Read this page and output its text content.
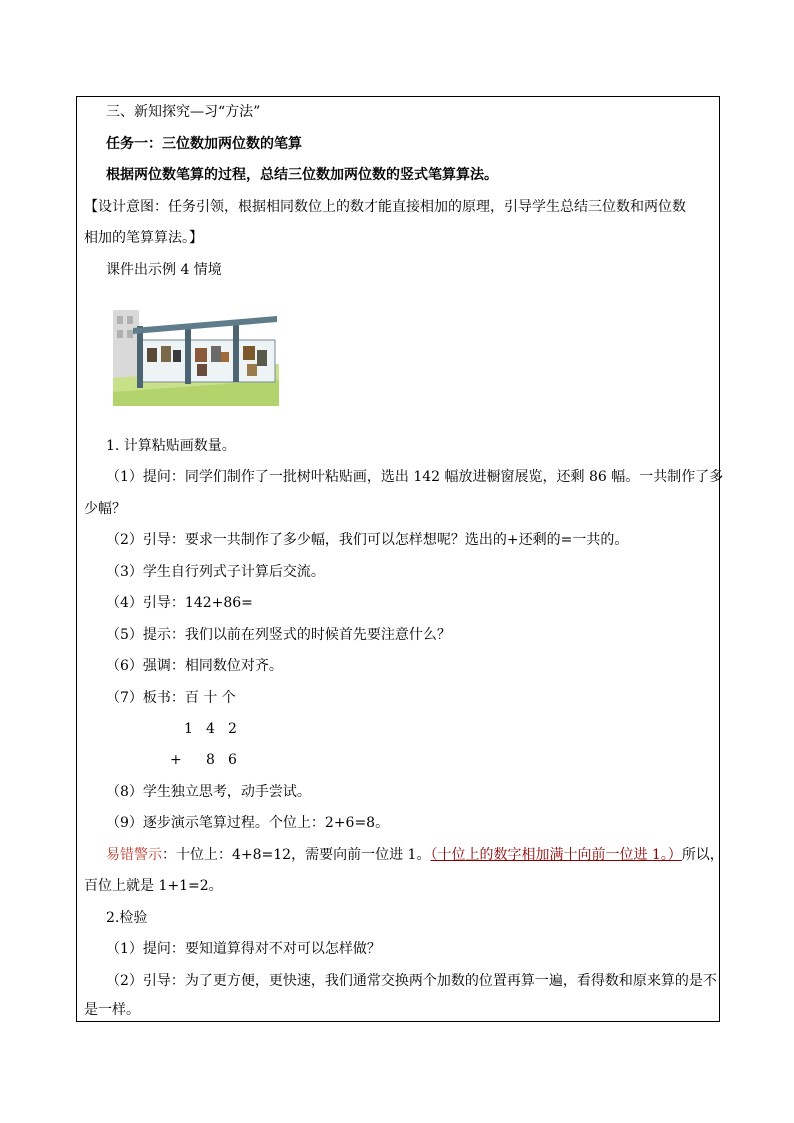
三、新知探究—习“方法”
任务一：三位数加两位数的笔算
根据两位数笔算的过程，总结三位数加两位数的竖式笔算算法。
【设计意图：任务引领，根据相同数位上的数才能直接相加的原理，引导学生总结三位数和两位数
相加的笔算算法。】
课件出示例 4 情境
1. 计算粘贴画数量。
（1）提问：同学们制作了一批树叶粘贴画，选出 142 幅放进橱窗展览，还剩 86 幅。一共制作了多
少幅？
（2）引导：要求一共制作了多少幅，我们可以怎样想呢？选出的+还剩的=一共的。
（3）学生自行列式子计算后交流。
（4）引导：142+86=
（5）提示：我们以前在列竖式的时候首先要注意什么？
（6）强调：相同数位对齐。
（7）板书：百 十 个
1 4 2
+ 8 6
（8）学生独立思考，动手尝试。
（9）逐步演示笔算过程。个位上：2+6=8。
易错警示：十位上：4+8=12，需要向前一位进 1。（十位上的数字相加满十向前一位进 1。）所以，
百位上就是 1+1=2。
2.检验
（1）提问：要知道算得对不对可以怎样做？
（2）引导：为了更方便，更快速，我们通常交换两个加数的位置再算一遍，看得数和原来算的是不
是一样。
